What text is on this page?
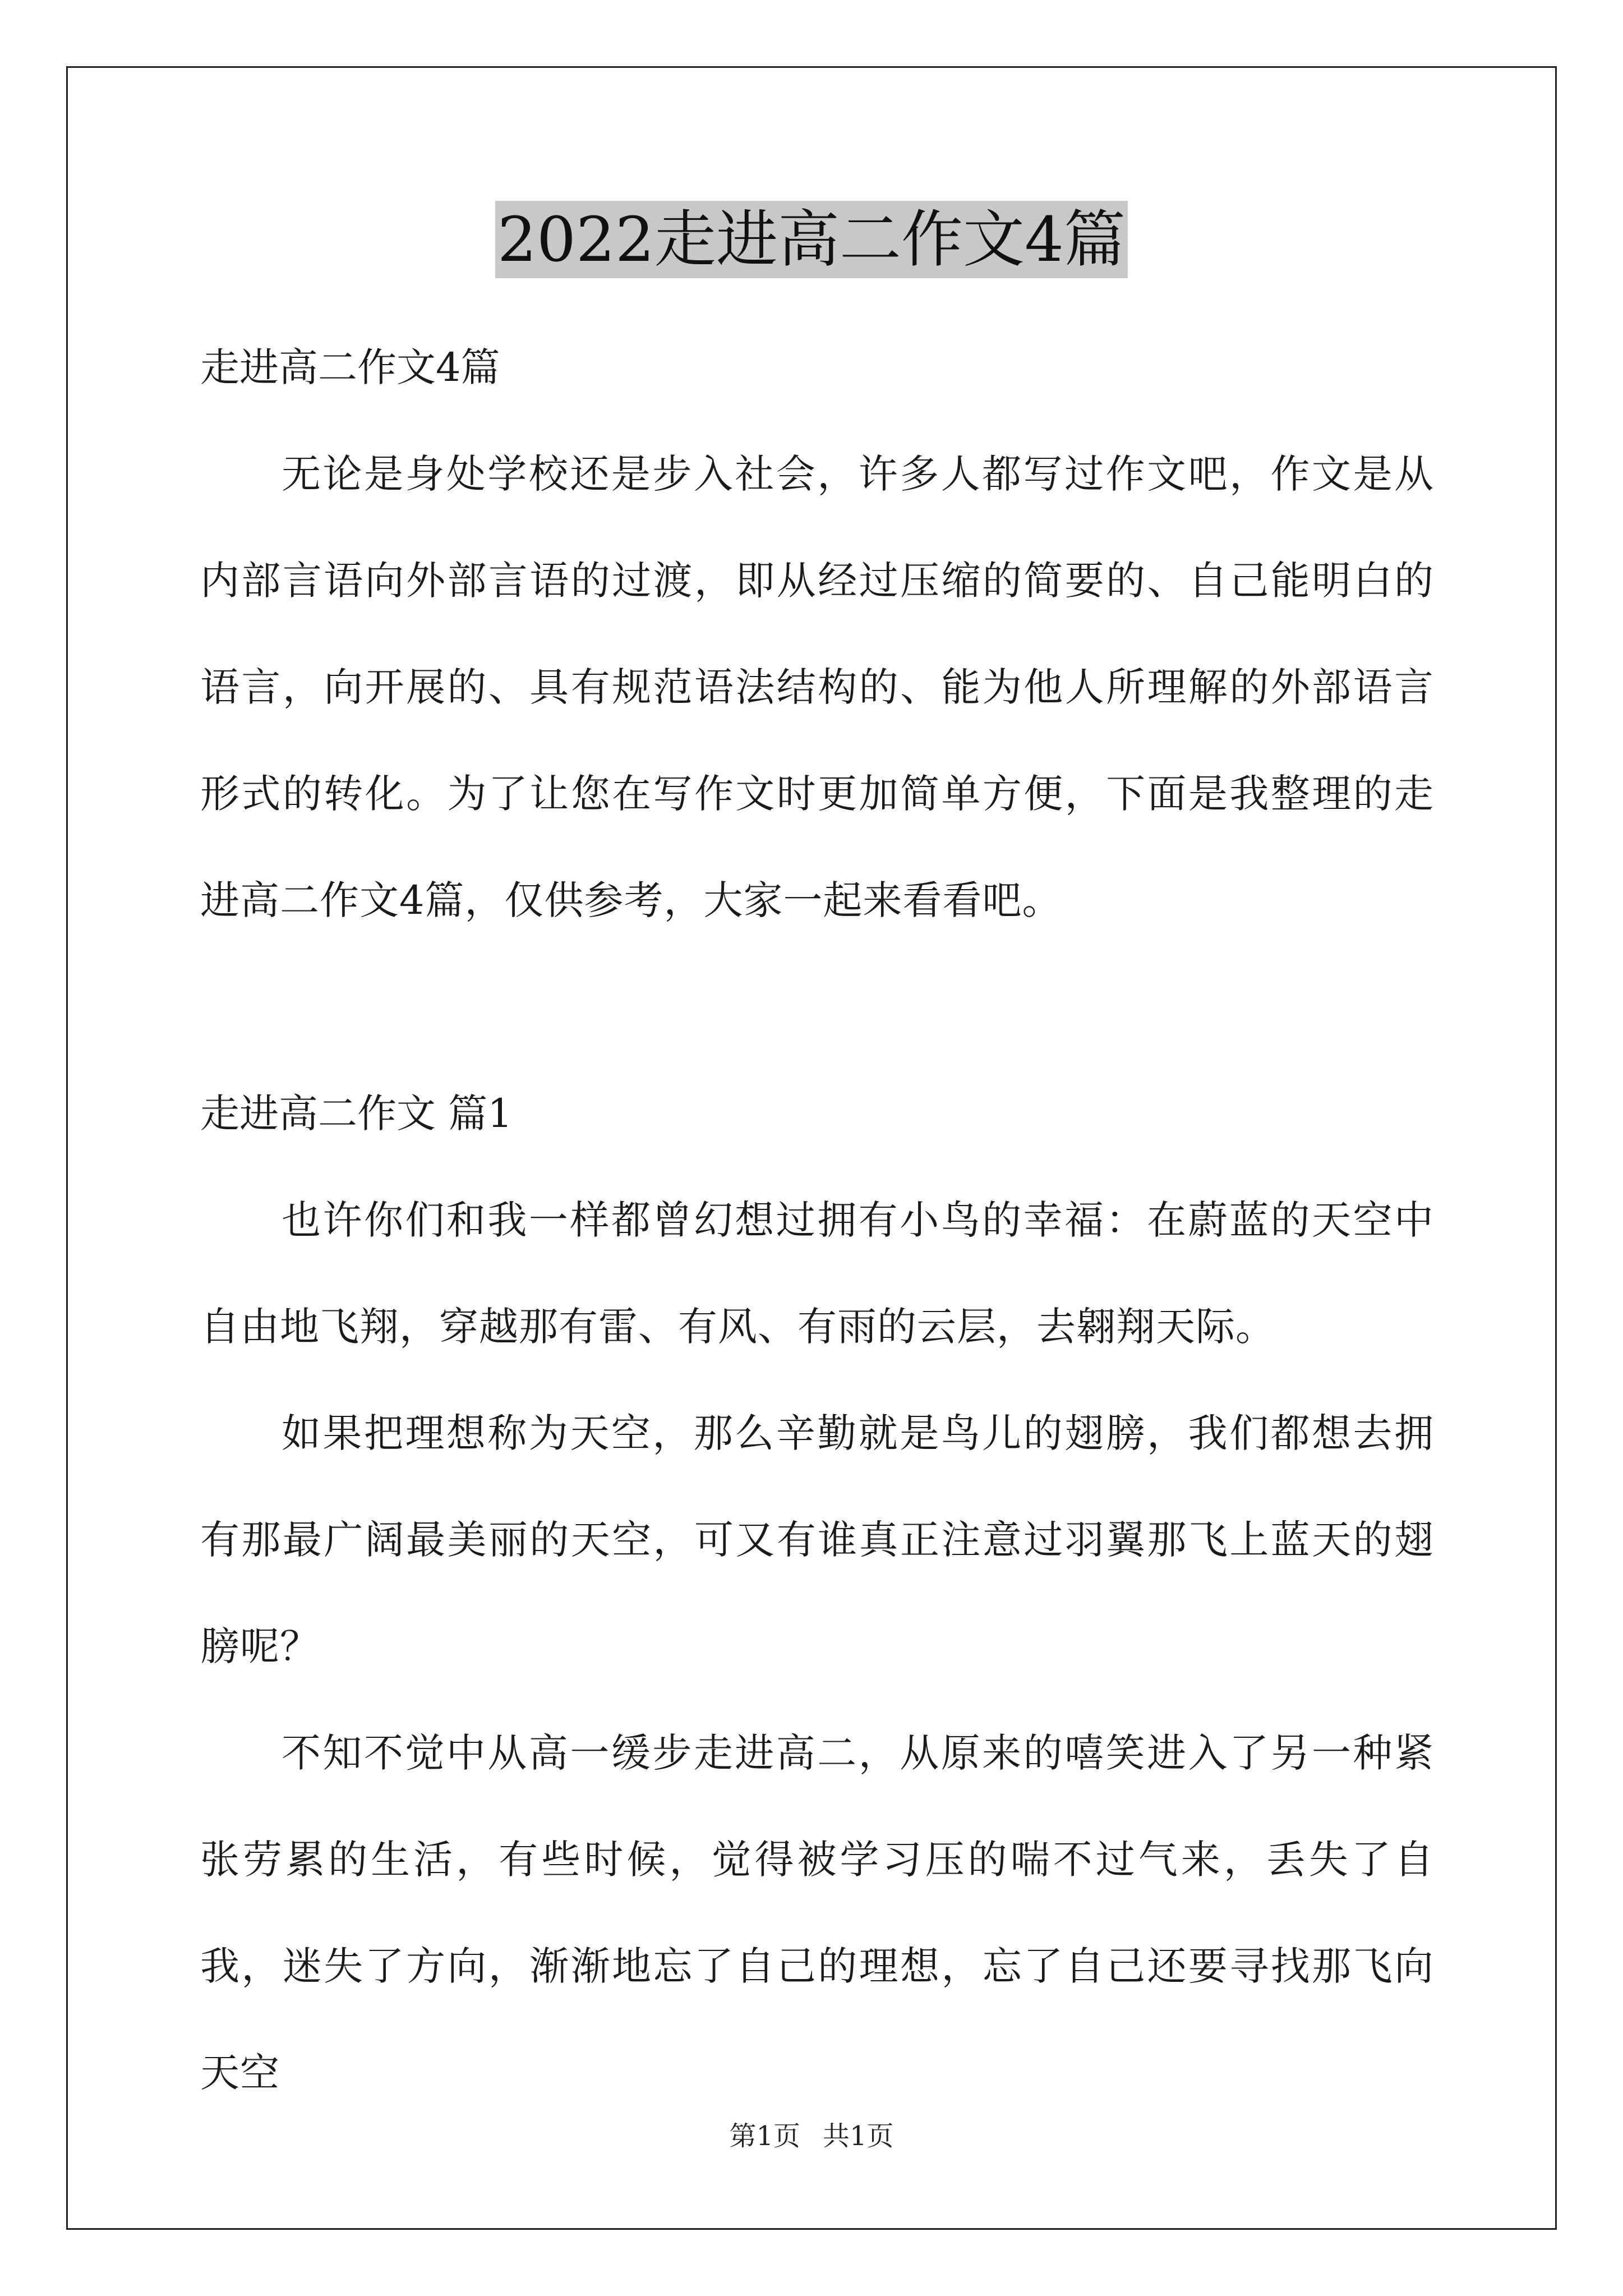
2022走进高二作文4篇

走进高二作文4篇

无论是身处学校还是步入社会，许多人都写过作文吧，作文是从内部言语向外部言语的过渡，即从经过压缩的简要的、自己能明白的语言，向开展的、具有规范语法结构的、能为他人所理解的外部语言形式的转化。为了让您在写作文时更加简单方便，下面是我整理的走进高二作文4篇，仅供参考，大家一起来看看吧。

走进高二作文 篇1

也许你们和我一样都曾幻想过拥有小鸟的幸福：在蔚蓝的天空中自由地飞翔，穿越那有雷、有风、有雨的云层，去翱翔天际。

如果把理想称为天空，那么辛勤就是鸟儿的翅膀，我们都想去拥有那最广阔最美丽的天空，可又有谁真正注意过羽翼那飞上蓝天的翅膀呢？

不知不觉中从高一缓步走进高二，从原来的嘻笑进入了另一种紧张劳累的生活，有些时候，觉得被学习压的喘不过气来，丢失了自我，迷失了方向，渐渐地忘了自己的理想，忘了自己还要寻找那飞向天空

第1页 共1页
